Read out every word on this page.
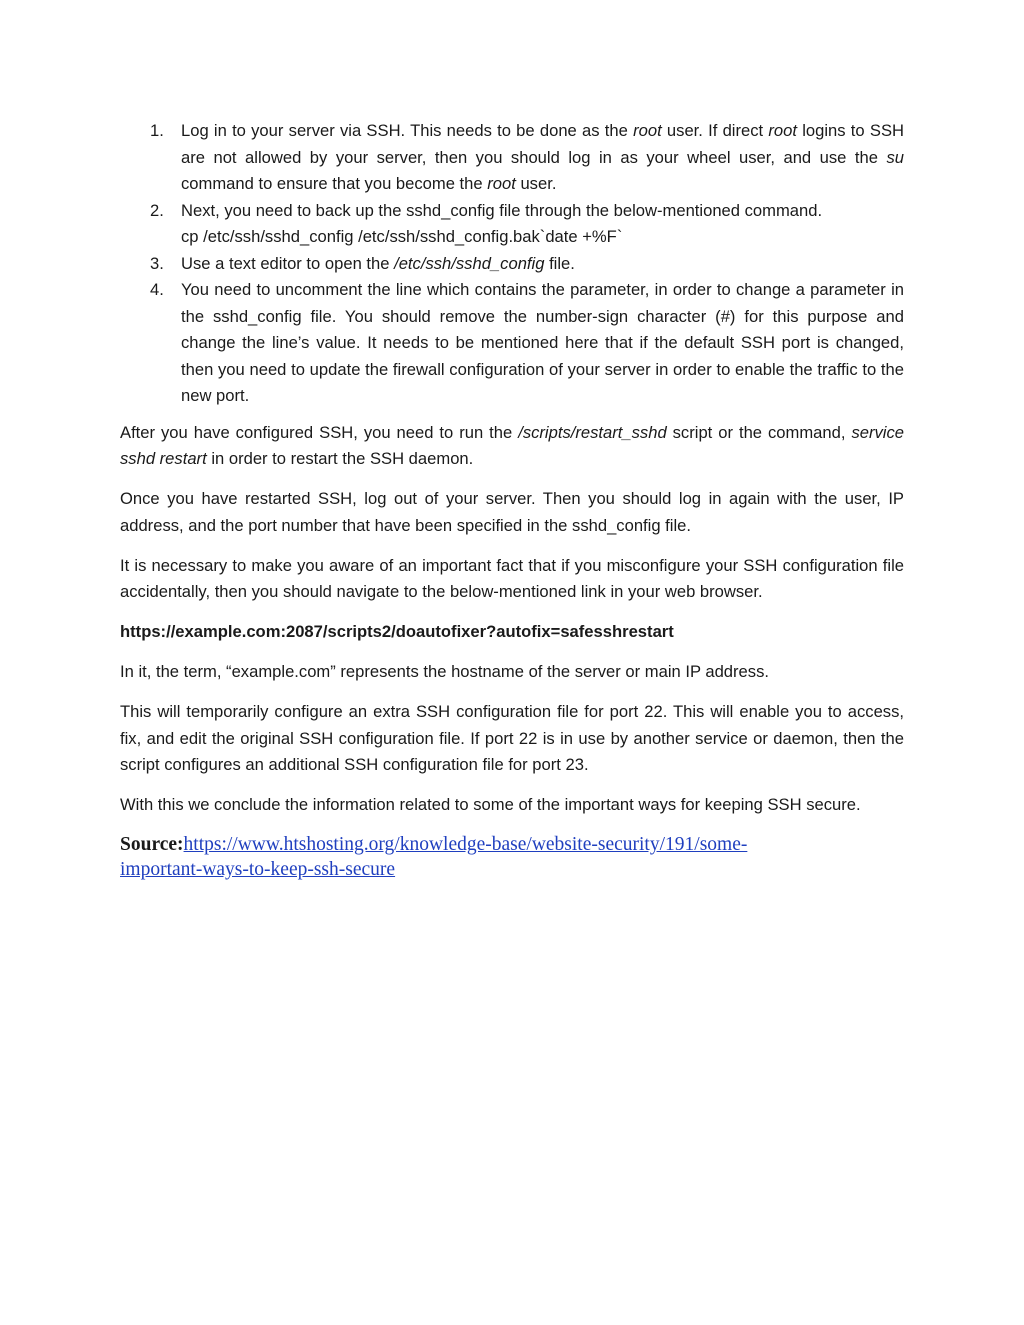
1. Log in to your server via SSH. This needs to be done as the root user. If direct root logins to SSH are not allowed by your server, then you should log in as your wheel user, and use the su command to ensure that you become the root user.
2. Next, you need to back up the sshd_config file through the below-mentioned command.
cp /etc/ssh/sshd_config /etc/ssh/sshd_config.bak`date +%F`
3. Use a text editor to open the /etc/ssh/sshd_config file.
4. You need to uncomment the line which contains the parameter, in order to change a parameter in the sshd_config file. You should remove the number-sign character (#) for this purpose and change the line’s value. It needs to be mentioned here that if the default SSH port is changed, then you need to update the firewall configuration of your server in order to enable the traffic to the new port.

After you have configured SSH, you need to run the /scripts/restart_sshd script or the command, service sshd restart in order to restart the SSH daemon.

Once you have restarted SSH, log out of your server. Then you should log in again with the user, IP address, and the port number that have been specified in the sshd_config file.

It is necessary to make you aware of an important fact that if you misconfigure your SSH configuration file accidentally, then you should navigate to the below-mentioned link in your web browser.

https://example.com:2087/scripts2/doautofixer?autofix=safesshrestart

In it, the term, “example.com” represents the hostname of the server or main IP address.

This will temporarily configure an extra SSH configuration file for port 22. This will enable you to access, fix, and edit the original SSH configuration file. If port 22 is in use by another service or daemon, then the script configures an additional SSH configuration file for port 23.

With this we conclude the information related to some of the important ways for keeping SSH secure.

Source:https://www.htshosting.org/knowledge-base/website-security/191/some-
important-ways-to-keep-ssh-secure
